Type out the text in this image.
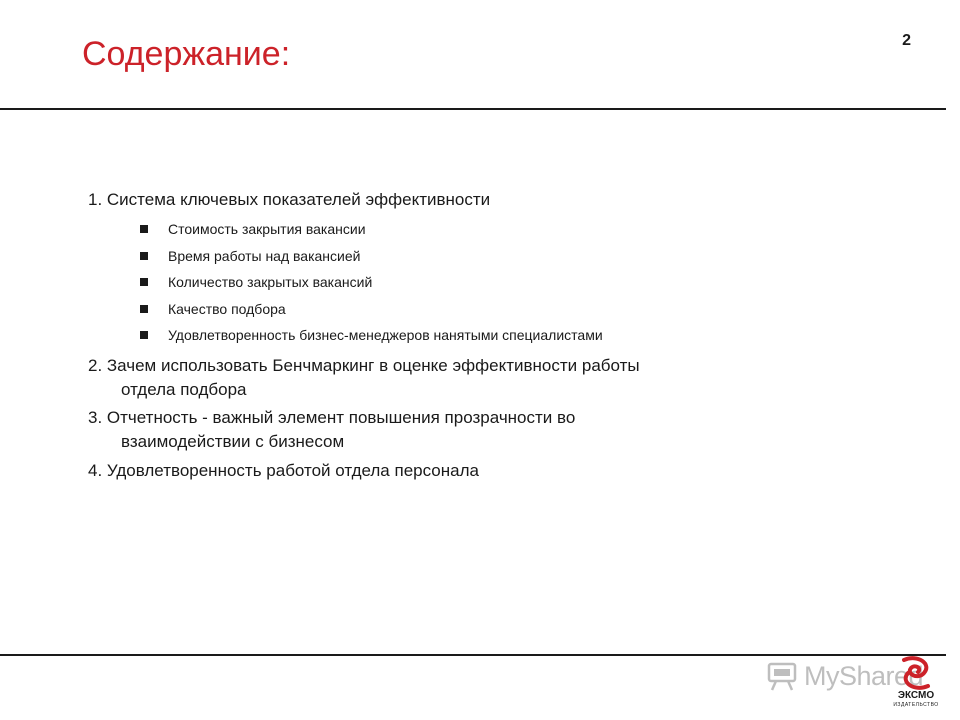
Содержание:	2
1. Система ключевых показателей эффективности
Стоимость закрытия вакансии
Время работы над вакансией
Количество закрытых вакансий
Качество подбора
Удовлетворенность бизнес-менеджеров нанятыми специалистами
2. Зачем использовать Бенчмаркинг в оценке эффективности работы
отдела подбора
3. Отчетность - важный элемент повышения прозрачности во
взаимодействии с бизнесом
4. Удовлетворенность работой отдела персонала
MyShared
ЭКСМО
ИЗДАТЕЛЬСТВО
